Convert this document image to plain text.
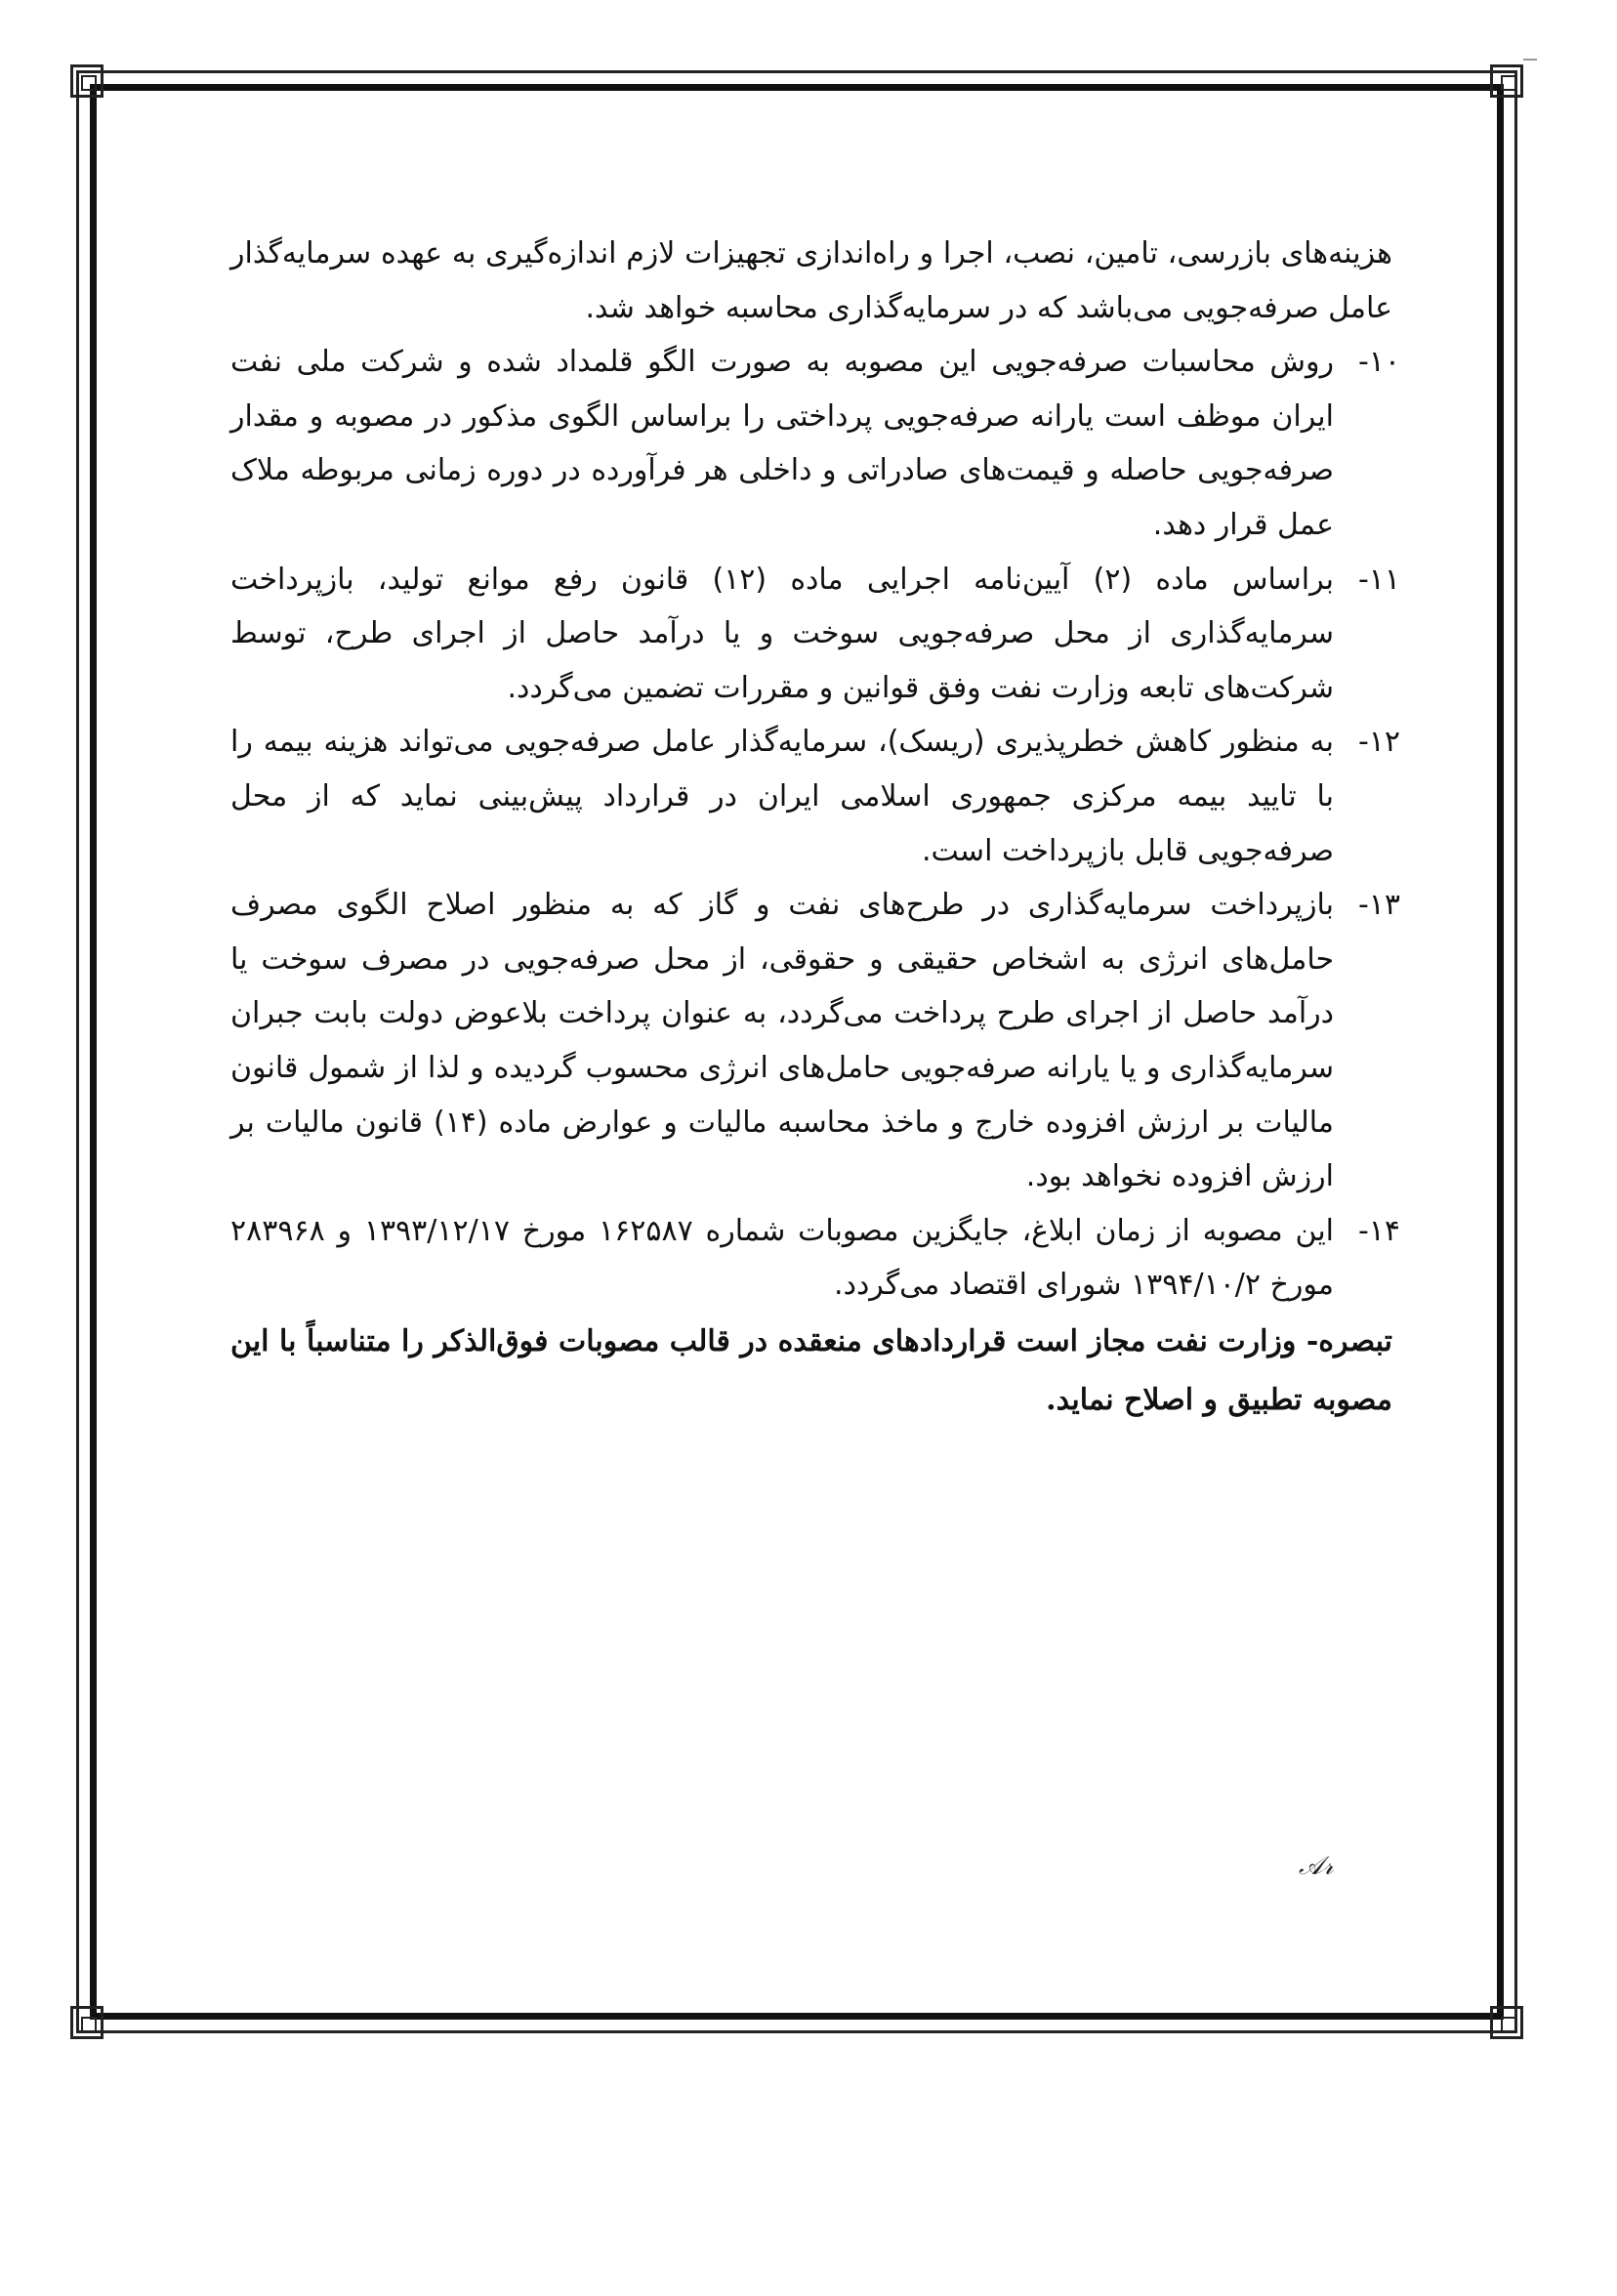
هزینه‌های بازرسی، تامین، نصب، اجرا و راه‌اندازی تجهیزات لازم اندازه‌گیری به عهده سرمایه‌گذار عامل صرفه‌جویی می‌باشد که در سرمایه‌گذاری محاسبه خواهد شد.

۱۰-

روش محاسبات صرفه‌جویی این مصوبه به صورت الگو قلمداد شده و شرکت ملی نفت ایران موظف است یارانه صرفه‌جویی پرداختی را براساس الگوی مذکور در مصوبه و مقدار صرفه‌جویی حاصله و قیمت‌های صادراتی و داخلی هر فرآورده در دوره زمانی مربوطه ملاک عمل قرار دهد.

۱۱-

براساس ماده (۲) آیین‌نامه اجرایی ماده (۱۲) قانون رفع موانع تولید، بازپرداخت سرمایه‌گذاری از محل صرفه‌جویی سوخت و یا درآمد حاصل از اجرای طرح، توسط شرکت‌های تابعه وزارت نفت وفق قوانین و مقررات تضمین می‌گردد.

۱۲-

به منظور کاهش خطرپذیری (ریسک)، سرمایه‌گذار عامل صرفه‌جویی می‌تواند هزینه بیمه را با تایید بیمه مرکزی جمهوری اسلامی ایران در قرارداد پیش‌بینی نماید که از محل صرفه‌جویی قابل بازپرداخت است.

۱۳-

بازپرداخت سرمایه‌گذاری در طرح‌های نفت و گاز که به منظور اصلاح الگوی مصرف حامل‌های انرژی به اشخاص حقیقی و حقوقی، از محل صرفه‌جویی در مصرف سوخت یا درآمد حاصل از اجرای طرح پرداخت می‌گردد، به عنوان پرداخت بلاعوض دولت بابت جبران سرمایه‌گذاری و یا یارانه صرفه‌جویی حامل‌های انرژی محسوب گردیده و لذا از شمول قانون مالیات بر ارزش افزوده خارج و ماخذ محاسبه مالیات و عوارض ماده (۱۴) قانون مالیات بر ارزش افزوده نخواهد بود.

۱۴-

این مصوبه از زمان ابلاغ، جایگزین مصوبات شماره ۱۶۲۵۸۷ مورخ ۱۳۹۳/۱۲/۱۷ و ۲۸۳۹۶۸ مورخ ۱۳۹۴/۱۰/۲ شورای اقتصاد می‌گردد.

تبصره- وزارت نفت مجاز است قراردادهای منعقده در قالب مصوبات فوق‌الذکر را متناسباً با این مصوبه تطبیق و اصلاح نماید.

𝒜𝓇
